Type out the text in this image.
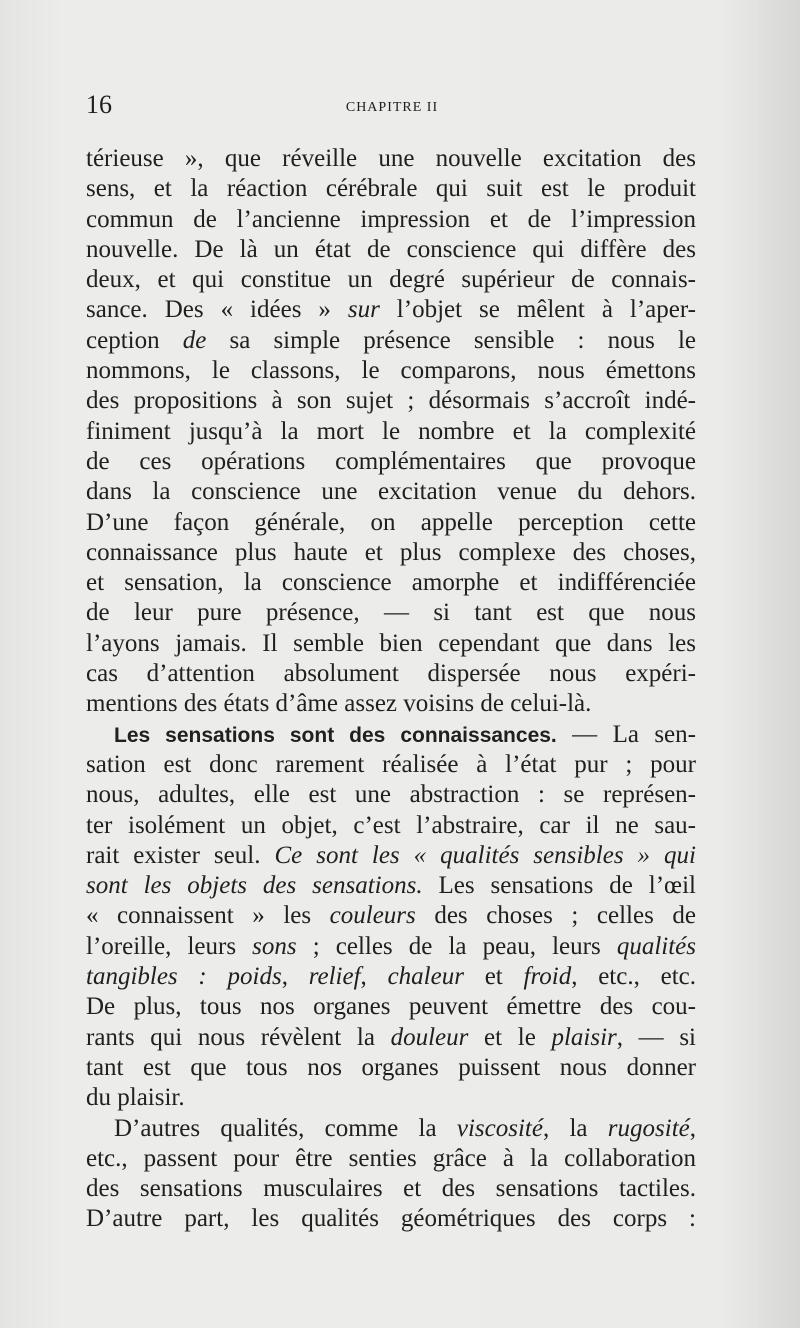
16	CHAPITRE II
térieuse », que réveille une nouvelle excitation des
sens, et la réaction cérébrale qui suit est le produit
commun de l’ancienne impression et de l’impression
nouvelle. De là un état de conscience qui diffère des
deux, et qui constitue un degré supérieur de connais-
sance. Des « idées » sur l’objet se mêlent à l’aper-
ception de sa simple présence sensible : nous le
nommons, le classons, le comparons, nous émettons
des propositions à son sujet ; désormais s’accroît indé-
finiment jusqu’à la mort le nombre et la complexité
de ces opérations complémentaires que provoque
dans la conscience une excitation venue du dehors.
D’une façon générale, on appelle perception cette
connaissance plus haute et plus complexe des choses,
et sensation, la conscience amorphe et indifférenciée
de leur pure présence, — si tant est que nous
l’ayons jamais. Il semble bien cependant que dans les
cas d’attention absolument dispersée nous expéri-
mentions des états d’âme assez voisins de celui-là.
Les sensations sont des connaissances. — La sen-
sation est donc rarement réalisée à l’état pur ; pour
nous, adultes, elle est une abstraction : se représen-
ter isolément un objet, c’est l’abstraire, car il ne sau-
rait exister seul. Ce sont les « qualités sensibles » qui
sont les objets des sensations. Les sensations de l’œil
« connaissent » les couleurs des choses ; celles de
l’oreille, leurs sons ; celles de la peau, leurs qualités
tangibles : poids, relief, chaleur et froid, etc., etc.
De plus, tous nos organes peuvent émettre des cou-
rants qui nous révèlent la douleur et le plaisir, — si
tant est que tous nos organes puissent nous donner
du plaisir.
D’autres qualités, comme la viscosité, la rugosité,
etc., passent pour être senties grâce à la collaboration
des sensations musculaires et des sensations tactiles.
D’autre part, les qualités géométriques des corps :
